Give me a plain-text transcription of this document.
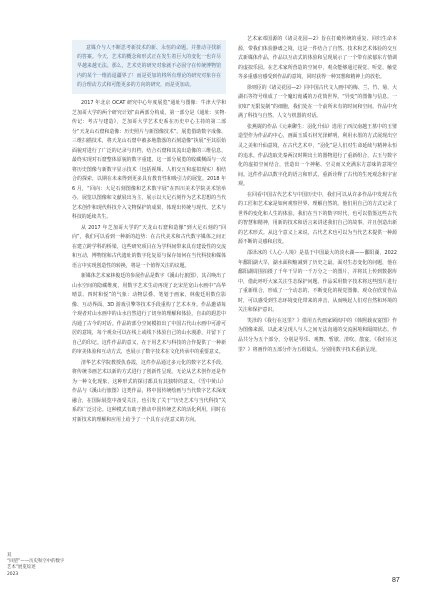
意媒介与人不断思考新技术的新、永恒的命题。并推动寻找新的答案。今天，艺术的概念和形式正在发生着巨大的变化一也许尽早越来越无法。那么，艺术史的研究对象就不必固守在传统博物馆内的某个一维消退疆界了！而是更加的将所有理论的研究对象存在的合理动方式和可能更多的方向的研究，而是更加动。

2017 年北京 OCAT 研究中心年度展览“通址与图像：牛津大学和芝加哥大学的两个研究计划”由两部分构成，第一部分是《通址：实物·传记：考古与建造》，芝加哥大学艺术史系在历史中心主持的第二部分“天龙山石窟和造像：历史照片与新图像技术”。展览借助数字成像、三维扫描技术，将天龙山石窟中被多地散落的石刻造像“执展”至其原始面貌对进行了广泛的记录与归档，结合石窟和其流出造像的三维信息，最终实现对石窟整体原貌的数字重建。这一部分展览的收藏侧面与一次将历史图像与新数字显示技术（包括视频、人机交互和虚拟现实）相结合的探索，以期在未来得到更多具有教育性和吸引力的展览。2018 年 6 月，“回向：大足石刻图像和艺术数字展”在四川美术学院美术馆举办，展览以图像和文献展出为主，展示以大足石刻作为艺术思想的当代艺术创作和现代科技介入文物保护的成果，体现出传统与现代、艺术与科技的延续共生。

从 2017 年芝加哥大学的“天龙山石窟和造像”到大足石刻的“回向”，我们可以看到一种新的趋势：在古代美术和古代数字媒体之间正在建立跨学科的桥梁，这些研究项目在为学科间带来具有建设性的交流和互动，博物馆和古代遗址的数字化复原与保存如何在当代科技和媒体语言中实现创造性的转换，将是一个值得关注的议题。

新媒体艺术家林俊廷的参展作品是数字《溪山行旅图》，其召唤出了山水空间的隐藏维度，用数字艺术生动再现了北宋范宽山水画中“高华晴景、四时和悦”的气象：动物层叠、笔划于画家，林俊廷用数位影像、互动界面、3D 游戏引擎等技术手段重构了艺术本身。作品邀请每个观者对山水画中的山水自然进行了切身的理解和体验，自由的遐思中沟通了古今的对话。作品的部分空间模拟出了中国古代山水画中可游可居的意境，每个观众可以在线上或线下体验自己的山水漫游，并留下了自己的印记。这件作品的意义，在于用艺术与科技的合作提供了一种新的审美体验和互动方式，也展示了数字技术在文化传承中的重要意义。

清华艺术学院教授仇春霞，这件作品通过多元化的数字艺术手段，将传统书画艺术以新的方式进行了创新性呈现。无论从艺术创作还是作为一种文化现象，这种形式的探讨都具有其独特的意义。《雪中黄山》作品与《溪山行旅图》这类作品，将中国传统绘画与当代数字艺术深度融合，在国际展览中备受关注，也引发了关于“历史艺术与当代科技”关系的广泛讨论。这种模式有助于推动中国传统艺术的活化利用，同时在对新技术的理解和应用上给予了一个具有示范意义的方向。

艺术家邓国源的《诸灵花园—2》旨在打破传统的重复、回归生命本源，带我们体验静谧之境，这是一件结合了自然、技术和艺术体验的交互式新媒体作品，作品以互动式的体验和呈现展示了一个带有浓郁东方情调的虚拟乐园。在艺术家所营造的空间中，观众能够通过视觉、听觉、触觉等多重感官感受到作品的意境，同时获得一种冥想和精神上的放松。

徐则臣的《诸灵花园—2》同中国古代文人画中的梅、兰、竹、菊，大湖石等符号组成了一个魔幻诡谲的万花筒世界。“异变”的图像与信息，一切如“无限复制”的细胞，我们处在一个前所未有的时间和空间。作品中充满了科技与自然、人文与机器的对话。

张燕娓的作品《元素聊生：羽化升仙》选用了西汉南越王墓中的玉璧造型作为作品的中心，画面玉质石材光泽鲜明，利用水墨的方式展现出空灵之美和升仙意境，在古代艺术中，“羽化”是人们对生命延续与精神永恒的追求。作品选取先秦两汉时期出土的器物进行了重新组合，古玉与数字化的虚拟空间结合，营造出一个神秘、空灵而又充满东方意味的意境空间。这件作品以数字化的语言和形式，重新诠释了古代的生死观念和宇宙观。

在回看中国古代艺术与中国历史中，我们可以从许多作品中发现古代的工匠和艺术家是如何观察世界、理解自然的。他们用自己的方式记录了世界的变化和人生的体验。我们在当下的数字时代，也可以借鉴这些古代的智慧和精神，用新的技术和语言来讲述我们自己的故事，并且创造出新的艺术形式。从这个意义上来说，古代艺术也可以为当代艺术提供一种源源不断的灵感和启发。

邵译冰的《人心·人境》是基于中国最大的淡水湖——鄱阳湖，2022 年鄱阳湖大旱，湖水面积缩减到了历史之最。面对生态变化的问题，他在鄱阳湖周围拍摄了千年干旱的一千万分之一的图片，并将其上传到数据库中，借此呼吁大家关注生态保护问题。作品采用数字技术将这些图片进行了重新组合，形成了一个动态的、不断变化的视觉图像，观众在欣赏作品时，可以感受到生态环境变化带来的冲击，从而唤起人们对自然和环境的关注和保护意识。

笑泽的《我行在这里？》借用五代画家顾闳中的《韩熙载夜宴图》作为图像来源，以此来呈现人与人之间无法沟通的交流困境和隔阂状态。作品共分为五个部分，分别是琴乐、观舞、暂歇、清吹、散宴。《我们在这里？》将画作的五部分作为五组镜头，分别用数字技术重新呈现。

双
“回望”——历史和空中的数字
艺术”展览综述
2023
87
